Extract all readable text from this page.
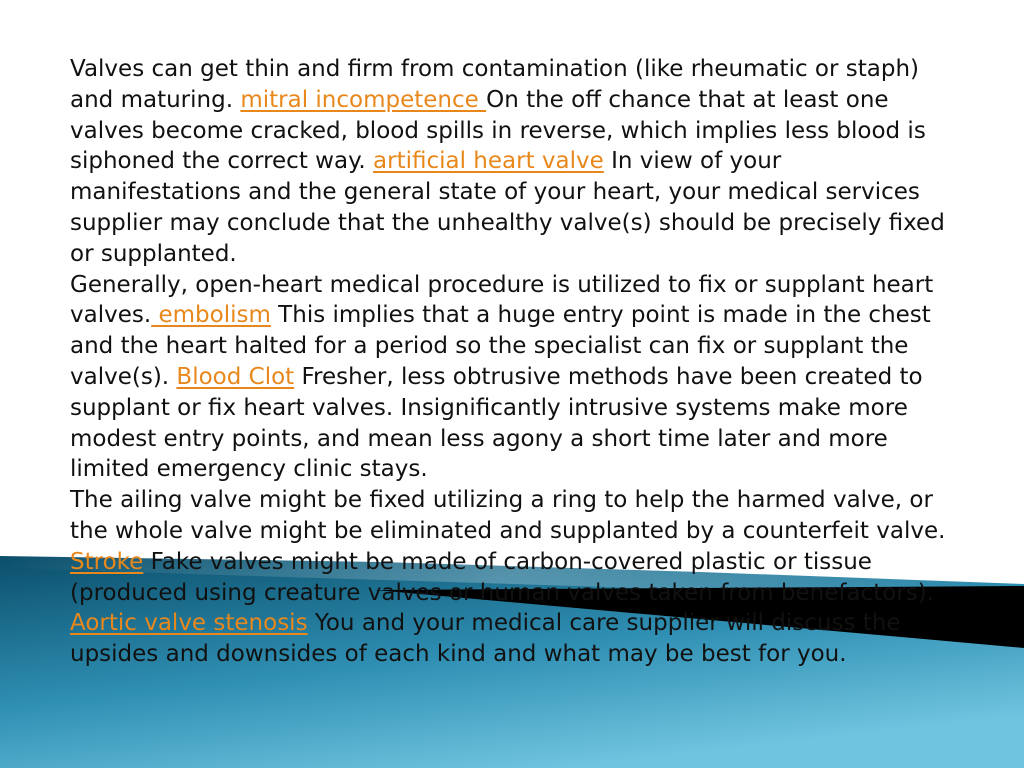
Valves can get thin and firm from contamination (like rheumatic or staph) and maturing. mitral incompetence On the off chance that at least one valves become cracked, blood spills in reverse, which implies less blood is siphoned the correct way. artificial heart valve In view of your manifestations and the general state of your heart, your medical services supplier may conclude that the unhealthy valve(s) should be precisely fixed or supplanted.

Generally, open-heart medical procedure is utilized to fix or supplant heart valves. embolism This implies that a huge entry point is made in the chest and the heart halted for a period so the specialist can fix or supplant the valve(s). Blood Clot Fresher, less obtrusive methods have been created to supplant or fix heart valves. Insignificantly intrusive systems make more modest entry points, and mean less agony a short time later and more limited emergency clinic stays.

The ailing valve might be fixed utilizing a ring to help the harmed valve, or the whole valve might be eliminated and supplanted by a counterfeit valve. Stroke Fake valves might be made of carbon-covered plastic or tissue (produced using creature valves or human valves taken from benefactors). Aortic valve stenosis You and your medical care supplier will discuss the upsides and downsides of each kind and what may be best for you.
